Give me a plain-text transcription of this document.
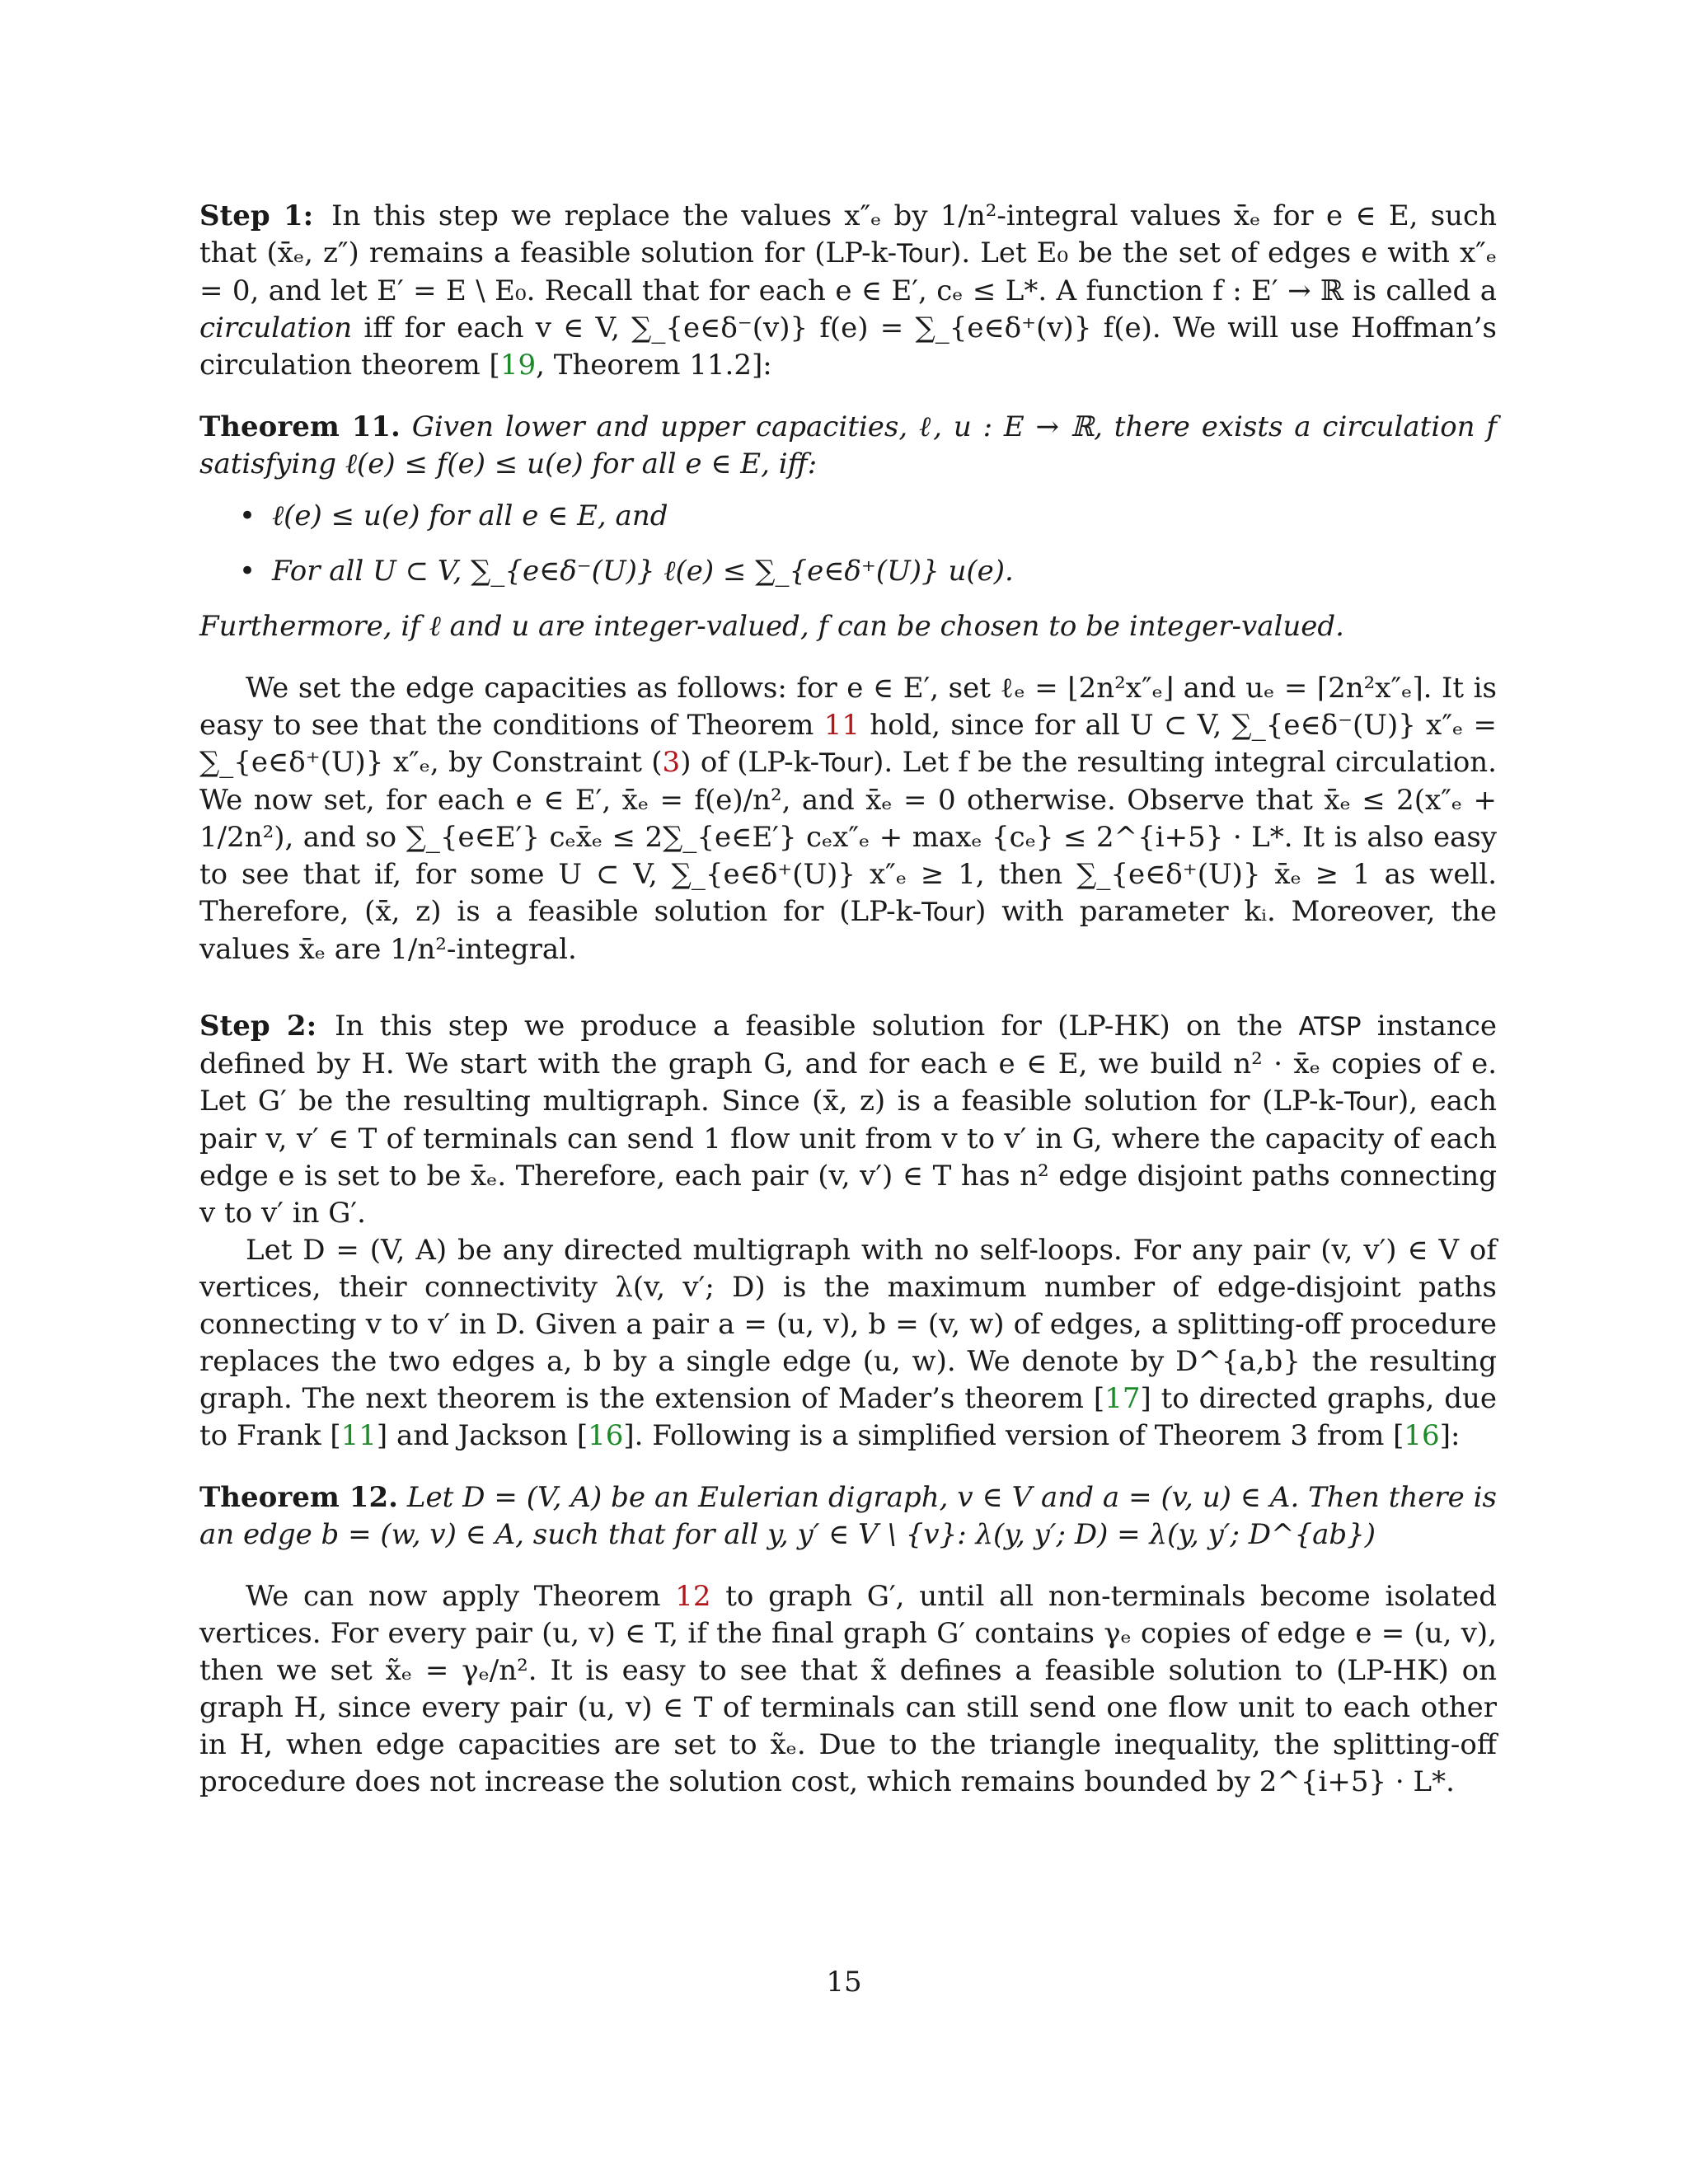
Step 1: In this step we replace the values x″ₑ by 1/n²-integral values x̄ₑ for e ∈ E, such that (x̄ₑ, z″) remains a feasible solution for (LP-k-Tour). Let E₀ be the set of edges e with x″ₑ = 0, and let E′ = E \ E₀. Recall that for each e ∈ E′, cₑ ≤ L*. A function f : E′ → ℝ is called a circulation iff for each v ∈ V, ∑_{e∈δ⁻(v)} f(e) = ∑_{e∈δ⁺(v)} f(e). We will use Hoffman’s circulation theorem [19, Theorem 11.2]:

Theorem 11. Given lower and upper capacities, ℓ, u : E → ℝ, there exists a circulation f satisfying ℓ(e) ≤ f(e) ≤ u(e) for all e ∈ E, iff:

• ℓ(e) ≤ u(e) for all e ∈ E, and
• For all U ⊂ V, ∑_{e∈δ⁻(U)} ℓ(e) ≤ ∑_{e∈δ⁺(U)} u(e).

Furthermore, if ℓ and u are integer-valued, f can be chosen to be integer-valued.

We set the edge capacities as follows: for e ∈ E′, set ℓₑ = ⌊2n²x″ₑ⌋ and uₑ = ⌈2n²x″ₑ⌉. It is easy to see that the conditions of Theorem 11 hold, since for all U ⊂ V, ∑_{e∈δ⁻(U)} x″ₑ = ∑_{e∈δ⁺(U)} x″ₑ, by Constraint (3) of (LP-k-Tour). Let f be the resulting integral circulation. We now set, for each e ∈ E′, x̄ₑ = f(e)/n², and x̄ₑ = 0 otherwise. Observe that x̄ₑ ≤ 2(x″ₑ + 1/2n²), and so ∑_{e∈E′} cₑx̄ₑ ≤ 2∑_{e∈E′} cₑx″ₑ + maxₑ {cₑ} ≤ 2^{i+5} · L*. It is also easy to see that if, for some U ⊂ V, ∑_{e∈δ⁺(U)} x″ₑ ≥ 1, then ∑_{e∈δ⁺(U)} x̄ₑ ≥ 1 as well. Therefore, (x̄, z) is a feasible solution for (LP-k-Tour) with parameter kᵢ. Moreover, the values x̄ₑ are 1/n²-integral.

Step 2: In this step we produce a feasible solution for (LP-HK) on the ATSP instance defined by H. We start with the graph G, and for each e ∈ E, we build n² · x̄ₑ copies of e. Let G′ be the resulting multigraph. Since (x̄, z) is a feasible solution for (LP-k-Tour), each pair v, v′ ∈ T of terminals can send 1 flow unit from v to v′ in G, where the capacity of each edge e is set to be x̄ₑ. Therefore, each pair (v, v′) ∈ T has n² edge disjoint paths connecting v to v′ in G′.

Let D = (V, A) be any directed multigraph with no self-loops. For any pair (v, v′) ∈ V of vertices, their connectivity λ(v, v′; D) is the maximum number of edge-disjoint paths connecting v to v′ in D. Given a pair a = (u, v), b = (v, w) of edges, a splitting-off procedure replaces the two edges a, b by a single edge (u, w). We denote by D^{a,b} the resulting graph. The next theorem is the extension of Mader’s theorem [17] to directed graphs, due to Frank [11] and Jackson [16]. Following is a simplified version of Theorem 3 from [16]:

Theorem 12. Let D = (V, A) be an Eulerian digraph, v ∈ V and a = (v, u) ∈ A. Then there is an edge b = (w, v) ∈ A, such that for all y, y′ ∈ V \ {v}: λ(y, y′; D) = λ(y, y′; D^{ab})

We can now apply Theorem 12 to graph G′, until all non-terminals become isolated vertices. For every pair (u, v) ∈ T, if the final graph G′ contains γₑ copies of edge e = (u, v), then we set x̃ₑ = γₑ/n². It is easy to see that x̃ defines a feasible solution to (LP-HK) on graph H, since every pair (u, v) ∈ T of terminals can still send one flow unit to each other in H, when edge capacities are set to x̃ₑ. Due to the triangle inequality, the splitting-off procedure does not increase the solution cost, which remains bounded by 2^{i+5} · L*.

15
